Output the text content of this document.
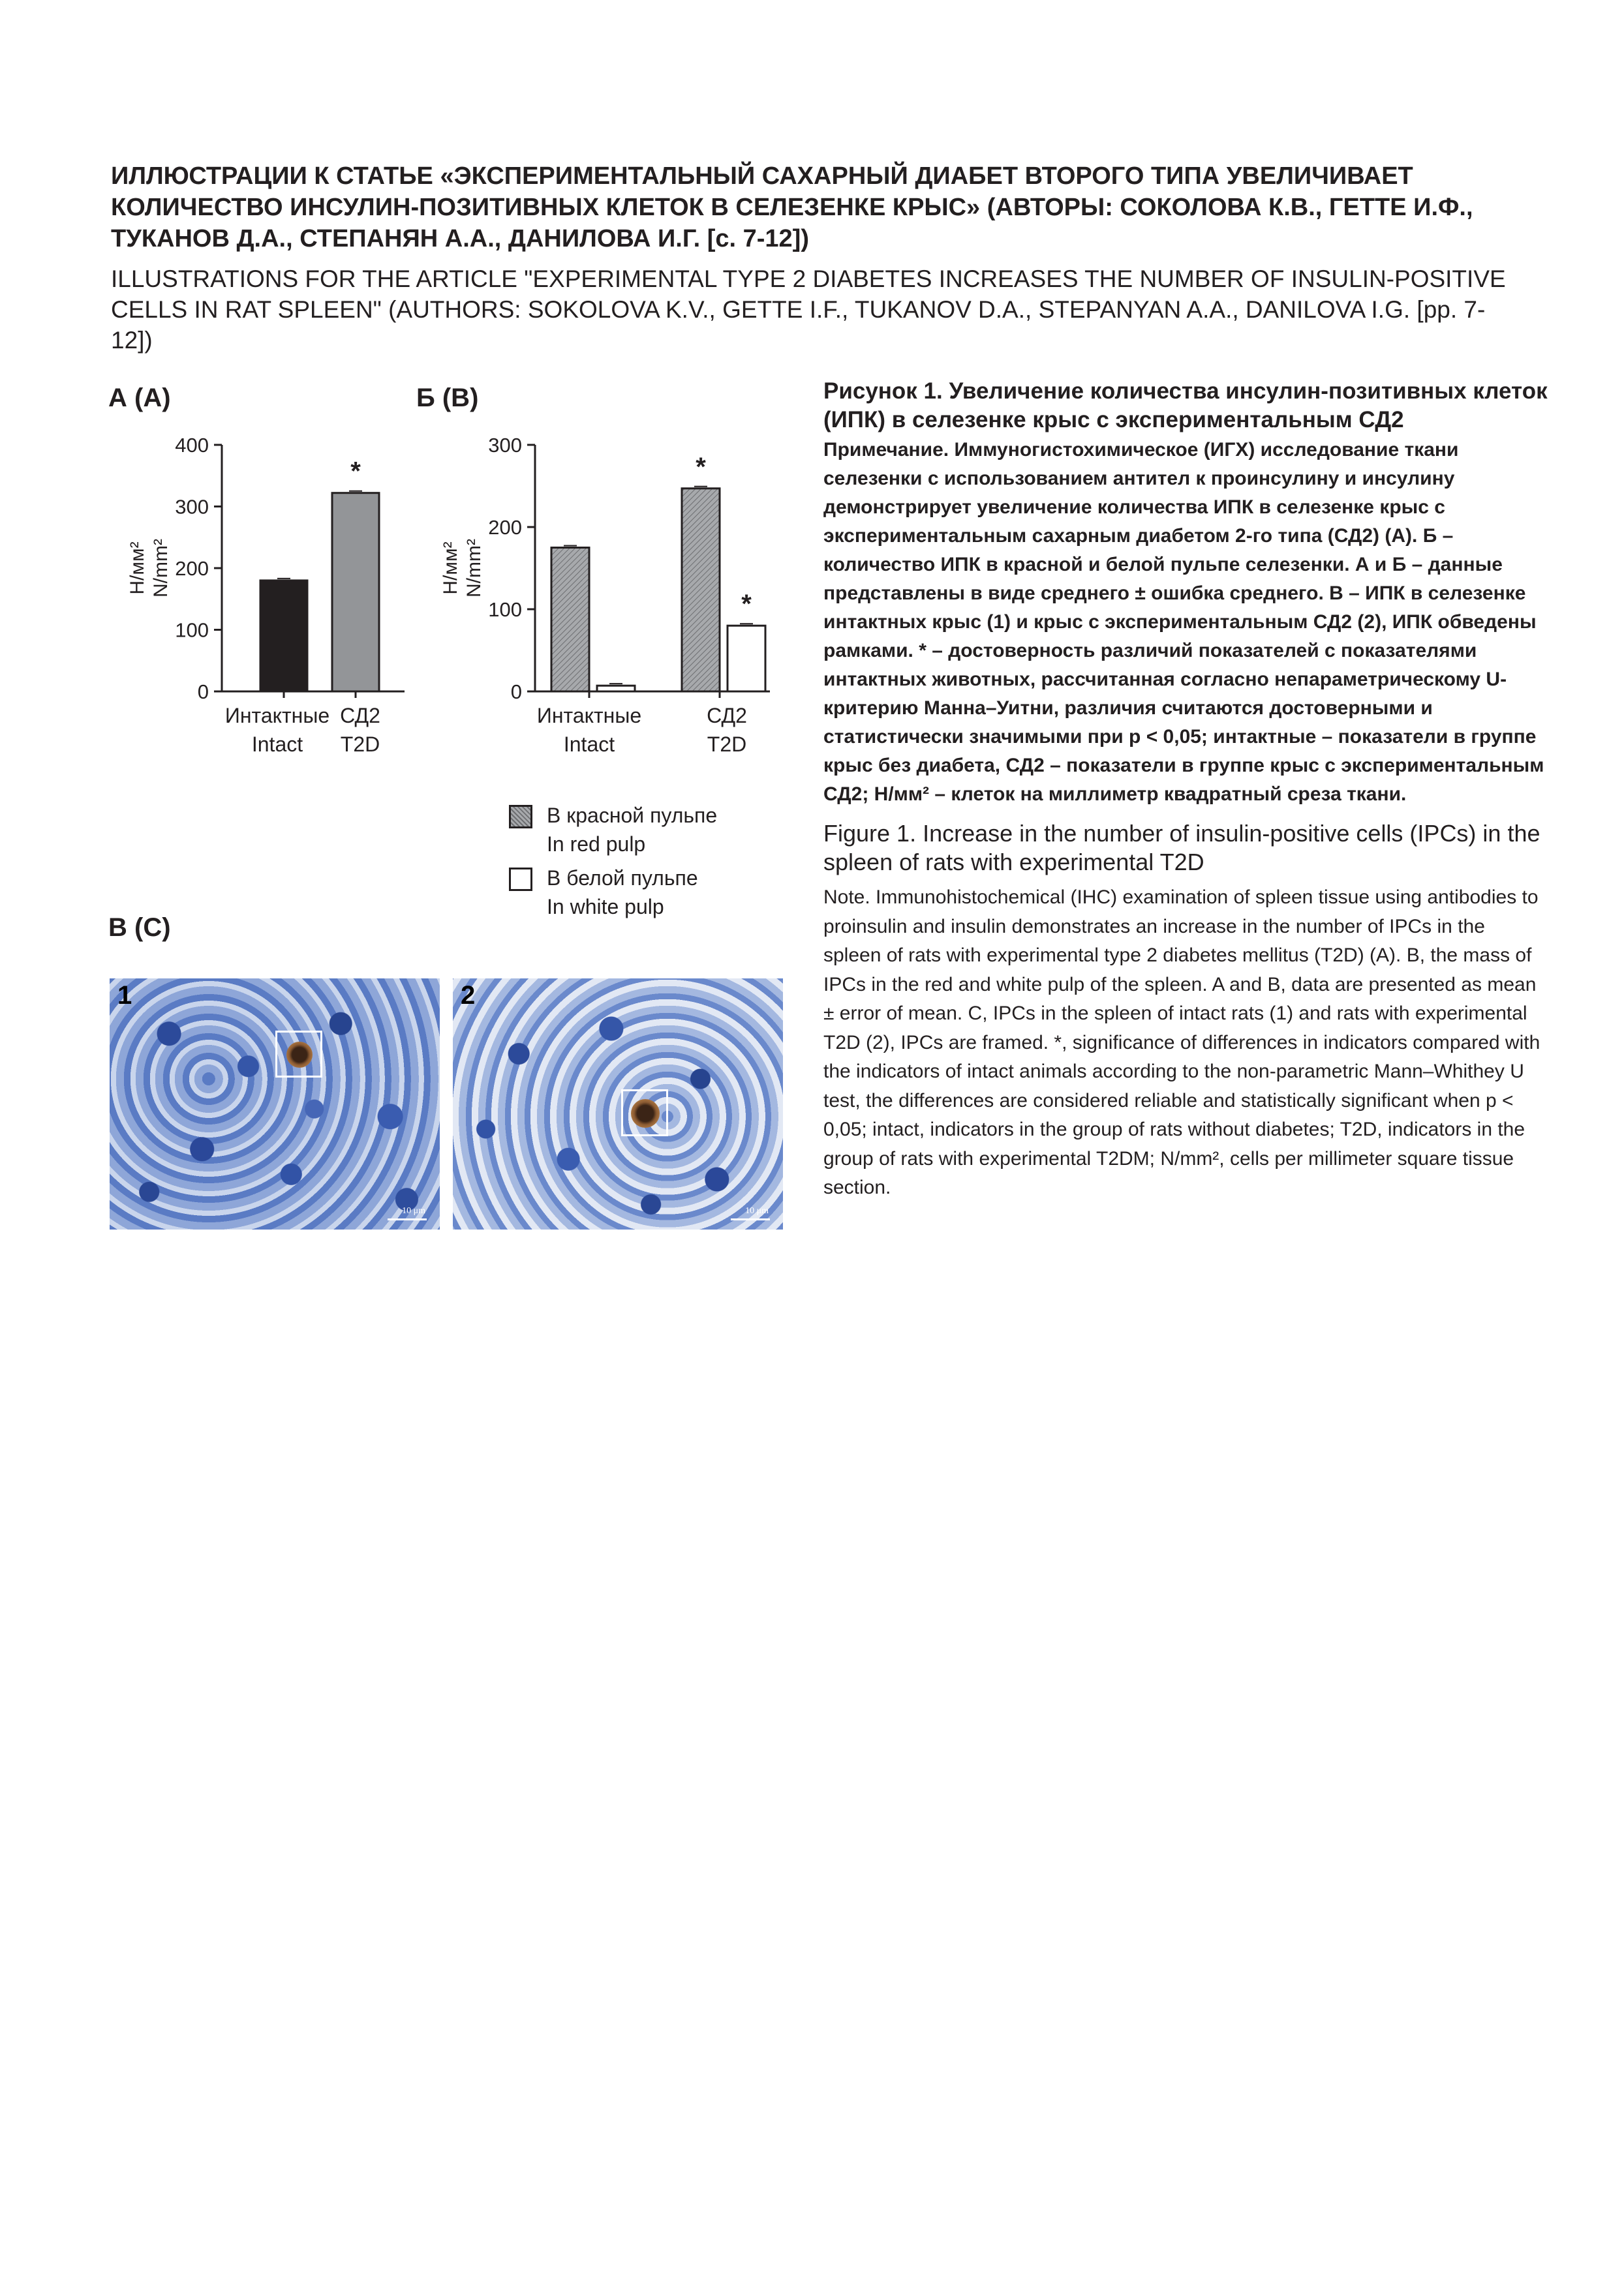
ИЛЛЮСТРАЦИИ К СТАТЬЕ «ЭКСПЕРИМЕНТАЛЬНЫЙ САХАРНЫЙ ДИАБЕТ ВТОРОГО ТИПА УВЕЛИЧИВАЕТ КОЛИЧЕСТВО ИНСУЛИН-ПОЗИТИВНЫХ КЛЕТОК В СЕЛЕЗЕНКЕ КРЫС» (АВТОРЫ: СОКОЛОВА К.В., ГЕТТЕ И.Ф., ТУКАНОВ Д.А., СТЕПАНЯН А.А., ДАНИЛОВА И.Г. [с. 7-12])

ILLUSTRATIONS FOR THE ARTICLE "EXPERIMENTAL TYPE 2 DIABETES INCREASES THE NUMBER OF INSULIN-POSITIVE CELLS IN RAT SPLEEN" (AUTHORS: SOKOLOVA K.V., GETTE I.F., TUKANOV D.A., STEPANYAN A.A., DANILOVA I.G. [pp. 7-12])

А (A)	Б (B)
В (C)
0
100
200
300
400
Н/мм² N/mm²
*
Интактные
Intact
СД2
T2D
0
100
200
300
Н/мм² N/mm²
*
*
Интактные
Intact
СД2
T2D
В красной пульпе
In red pulp
В белой пульпе
In white pulp
1
10 μm
2
10 μm

Рисунок 1. Увеличение количества инсулин-позитивных клеток (ИПК) в селезенке крыс с экспериментальным СД2

Примечание. Иммуногистохимическое (ИГХ) исследование ткани селезенки с использованием антител к проинсулину и инсулину демонстрирует увеличение количества ИПК в селезенке крыс с экспериментальным сахарным диабетом 2-го типа (СД2) (А). Б – количество ИПК в красной и белой пульпе селезенки. А и Б – данные представлены в виде среднего ± ошибка среднего. В – ИПК в селезенке интактных крыс (1) и крыс с экспериментальным СД2 (2), ИПК обведены рамками. * – достоверность различий показателей с показателями интактных животных, рассчитанная согласно непараметрическому U-критерию Манна–Уитни, различия считаются достоверными и статистически значимыми при p < 0,05; интактные – показатели в группе крыс без диабета, СД2 – показатели в группе крыс с экспериментальным СД2; Н/мм² – клеток на миллиметр квадратный среза ткани.

Figure 1. Increase in the number of insulin-positive cells (IPCs) in the spleen of rats with experimental T2D

Note. Immunohistochemical (IHC) examination of spleen tissue using antibodies to proinsulin and insulin demonstrates an increase in the number of IPCs in the spleen of rats with experimental type 2 diabetes mellitus (T2D) (A). B, the mass of IPCs in the red and white pulp of the spleen. A and B, data are presented as mean ± error of mean. C, IPCs in the spleen of intact rats (1) and rats with experimental T2D (2), IPCs are framed. *, significance of differences in indicators compared with the indicators of intact animals according to the non-parametric Mann–Whithey U test, the differences are considered reliable and statistically significant when p < 0,05; intact, indicators in the group of rats without diabetes; T2D, indicators in the group of rats with experimental T2DM; N/mm², cells per millimeter square tissue section.
